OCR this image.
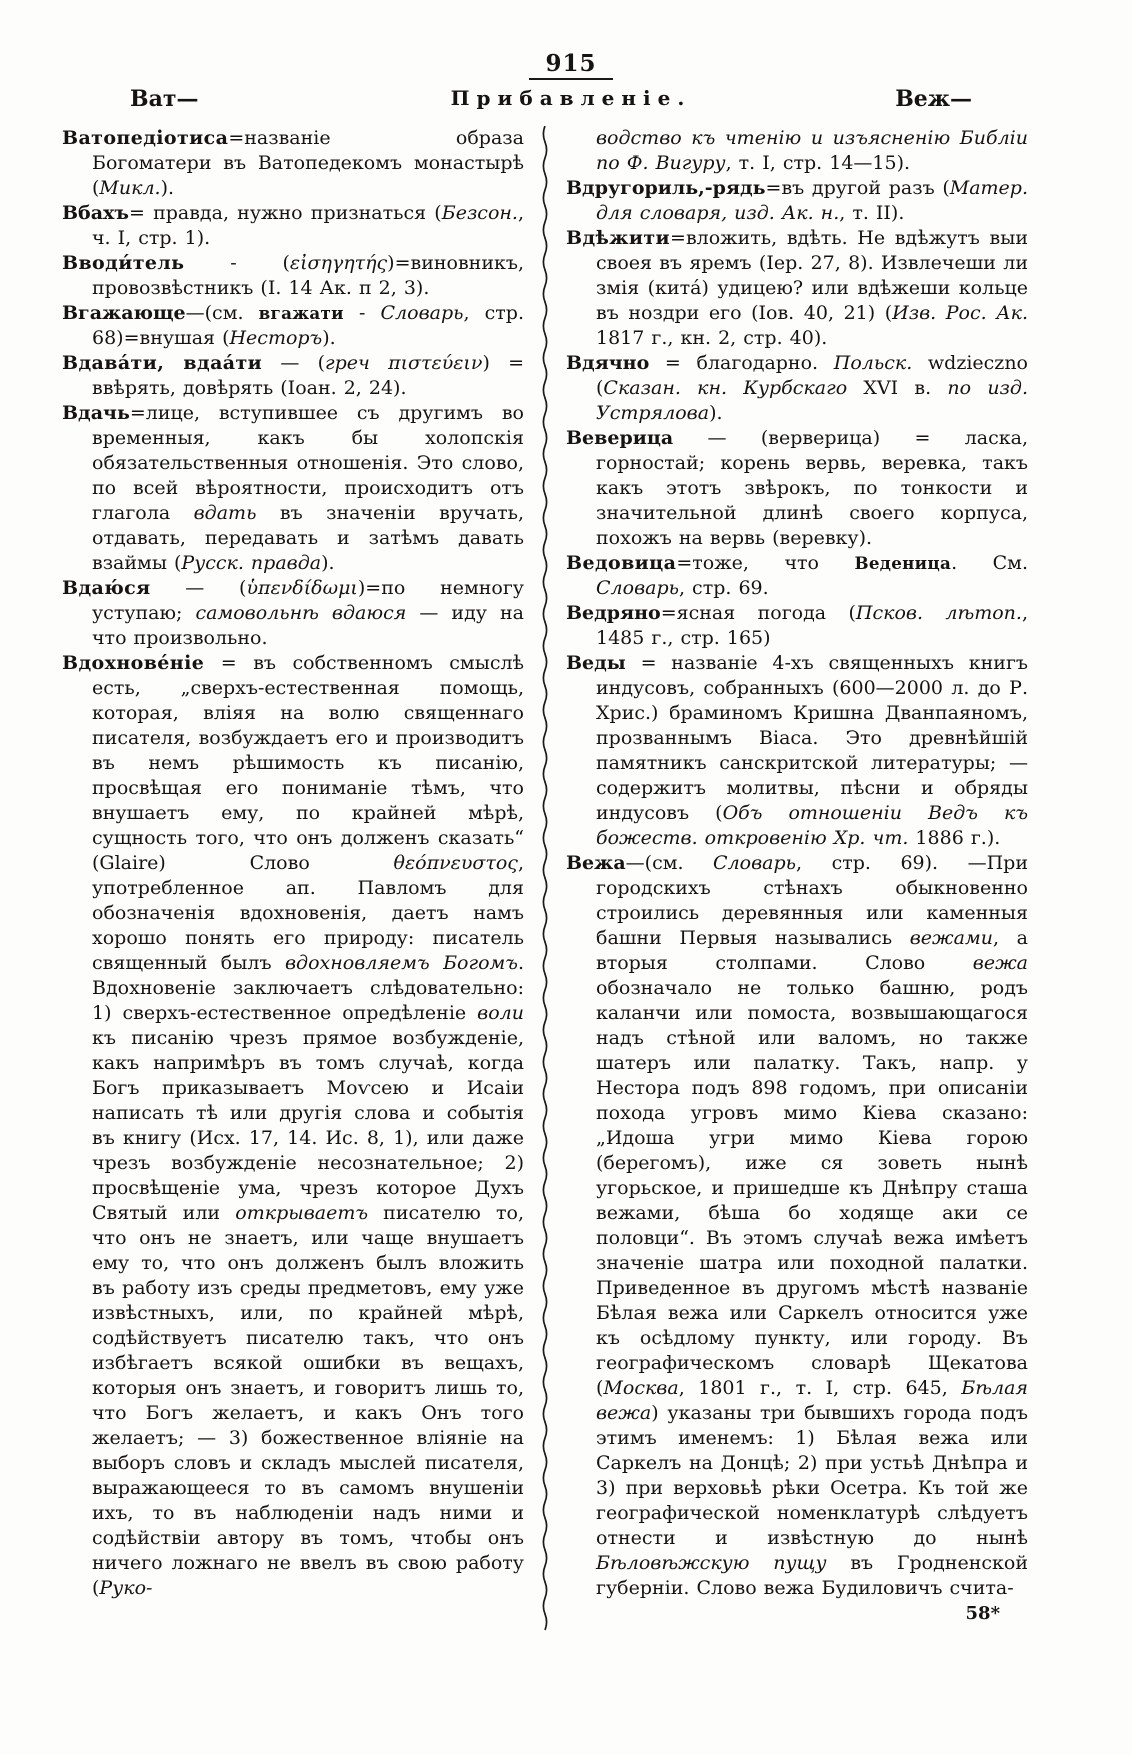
915
Ват—	Прибавленіе.	Веж—

Ватопедіотиса=названіе образа Богоматери въ Ватопедекомъ монастырѣ (Микл.).

Вбахъ= правда, нужно признаться (Безсон., ч. I, стр. 1).

Вводи́тель - (εἰσηγητής)=виновникъ, провозвѣстникъ (І. 14 Ак. п 2, 3).

Вгажающе—(см. вгажати - Словарь, стр. 68)=внушая (Несторъ).

Вдава́ти, вдаа́ти — (греч πιστεύειν) = ввѣрять, довѣрять (Іоан. 2, 24).

Вдачь=лице, вступившее съ другимъ во временныя, какъ бы холопскія обязательственныя отношенія. Это слово, по всей вѣроятности, происходитъ отъ глагола вдать въ значеніи вручать, отдавать, передавать и затѣмъ давать взаймы (Русск. правда).

Вдаю́ся — (ὑπενδίδωμι)=по немногу уступаю; самовольнѣ вдаюся — иду на что произвольно.

Вдохнове́ніе = въ собственномъ смыслѣ есть, „сверхъ-естественная помощь, которая, вліяя на волю священнаго писателя, возбуждаетъ его и производитъ въ немъ рѣшимость къ писанію, просвѣщая его пониманіе тѣмъ, что внушаетъ ему, по крайней мѣрѣ, сущность того, что онъ долженъ сказать“ (Glaire) Слово θεόπνευστος, употребленное ап. Павломъ для обозначенія вдохновенія, даетъ намъ хорошо понять его природу: писатель священный былъ вдохновляемъ Богомъ. Вдохновеніе заключаетъ слѣдовательно: 1) сверхъ-естественное опредѣленіе воли къ писанію чрезъ прямое возбужденіе, какъ напримѣръ въ томъ случаѣ, когда Богъ приказываетъ Моѵсею и Исаіи написать тѣ или другія слова и событія въ книгу (Исх. 17, 14. Ис. 8, 1), или даже чрезъ возбужденіе несознательное; 2) просвѣщеніе ума, чрезъ которое Духъ Святый или открываетъ писателю то, что онъ не знаетъ, или чаще внушаетъ ему то, что онъ долженъ былъ вложить въ работу изъ среды предметовъ, ему уже извѣстныхъ, или, по крайней мѣрѣ, содѣйствуетъ писателю такъ, что онъ избѣгаетъ всякой ошибки въ вещахъ, которыя онъ знаетъ, и говоритъ лишь то, что Богъ желаетъ, и какъ Онъ того желаетъ; — 3) божественное вліяніе на выборъ словъ и складъ мыслей писателя, выражающееся то въ самомъ внушеніи ихъ, то въ наблюденіи надъ ними и содѣйствіи автору въ томъ, чтобы онъ ничего ложнаго не ввелъ въ свою работу (Руко-

водство къ чтенію и изъясненію Библіи по Ф. Вигуру, т. I, стр. 14—15).

Вдругориль,-рядь=въ другой разъ (Матер. для словаря, изд. Ак. н., т. II).

Вдѣжити=вложить, вдѣть. Не вдѣжутъ выи своея въ яремъ (Іер. 27, 8). Извлечеши ли змія (кита́) удицею? или вдѣжеши кольце въ ноздри его (Іов. 40, 21) (Изв. Рос. Ак. 1817 г., кн. 2, стр. 40).

Вдячно = благодарно. Польск. wdzieczno (Сказан. кн. Курбскаго XVI в. по изд. Устрялова).

Веверица — (верверица) = ласка, горностай; корень вервь, веревка, такъ какъ этотъ звѣрокъ, по тонкости и значительной длинѣ своего корпуса, похожъ на вервь (веревку).

Ведовица=тоже, что Веденица. См. Словарь, стр. 69.

Ведряно=ясная погода (Псков. лѣтоп., 1485 г., стр. 165)

Веды = названіе 4-хъ священныхъ книгъ индусовъ, собранныхъ (600—2000 л. до Р. Хрис.) браминомъ Кришна Дванпаяномъ, прозваннымъ Віаса. Это древнѣйшій памятникъ санскритской литературы; — содержитъ молитвы, пѣсни и обряды индусовъ (Объ отношеніи Ведъ къ божеств. откровенію Хр. чт. 1886 г.).

Вежа—(см. Словарь, стр. 69). —При городскихъ стѣнахъ обыкновенно строились деревянныя или каменныя башни Первыя назывались вежами, а вторыя столпами. Слово вежа обозначало не только башню, родъ каланчи или помоста, возвышающагося надъ стѣной или валомъ, но также шатеръ или палатку. Такъ, напр. у Нестора подъ 898 годомъ, при описаніи похода угровъ мимо Кіева сказано: „Идоша угри мимо Кіева горою (берегомъ), иже ся зоветь нынѣ угорьское, и пришедше къ Днѣпру сташа вежами, бѣша бо ходяще аки се половци“. Въ этомъ случаѣ вежа имѣетъ значеніе шатра или походной палатки. Приведенное въ другомъ мѣстѣ названіе Бѣлая вежа или Саркелъ относится уже къ осѣдлому пункту, или городу. Въ географическомъ словарѣ Щекатова (Москва, 1801 г., т. I, стр. 645, Бѣлая вежа) указаны три бывшихъ города подъ этимъ именемъ: 1) Бѣлая вежа или Саркелъ на Донцѣ; 2) при устьѣ Днѣпра и 3) при верховьѣ рѣки Осетра. Къ той же географической номенклатурѣ слѣдуетъ отнести и извѣстную до нынѣ Бѣловѣжскую пущу въ Гродненской губерніи. Слово вежа Будиловичъ счита-

58*
